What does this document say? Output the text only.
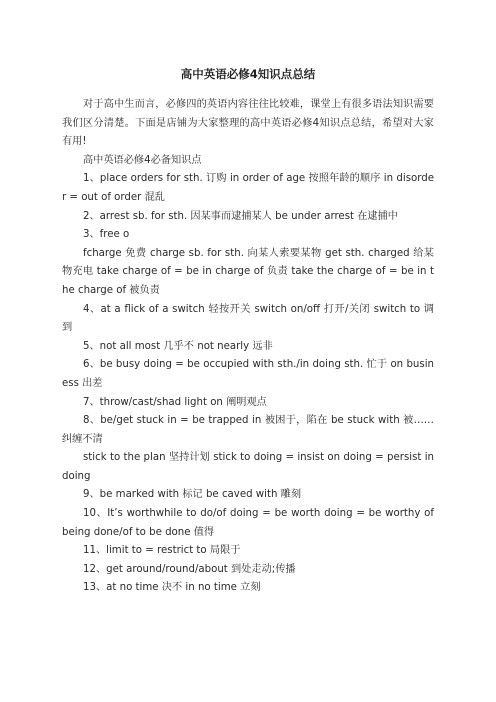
高中英语必修4知识点总结

对于高中生而言，必修四的英语内容往往比较难，课堂上有很多语法知识需要我们区分清楚。下面是店铺为大家整理的高中英语必修4知识点总结，希望对大家有用!

高中英语必修4必备知识点

1、place orders for sth. 订购 in order of age 按照年龄的顺序 in disorder = out of order 混乱

2、arrest sb. for sth. 因某事而逮捕某人 be under arrest 在逮捕中

3、free o

fcharge 免费 charge sb. for sth. 向某人索要某物 get sth. charged 给某物充电 take charge of = be in charge of 负责 take the charge of = be in the charge of 被负责

4、at a flick of a switch 轻按开关 switch on/off 打开/关闭 switch to 调到

5、not all most 几乎不 not nearly 远非

6、be busy doing = be occupied with sth./in doing sth. 忙于 on business 出差

7、throw/cast/shad light on 阐明观点

8、be/get stuck in = be trapped in 被困于，陷在 be stuck with 被……纠缠不清

stick to the plan 坚持计划 stick to doing = insist on doing = persist in doing

9、be marked with 标记 be caved with 雕刻

10、It’s worthwhile to do/of doing = be worth doing = be worthy of being done/of to be done 值得

11、limit to = restrict to 局限于

12、get around/round/about 到处走动;传播

13、at no time 决不 in no time 立刻
